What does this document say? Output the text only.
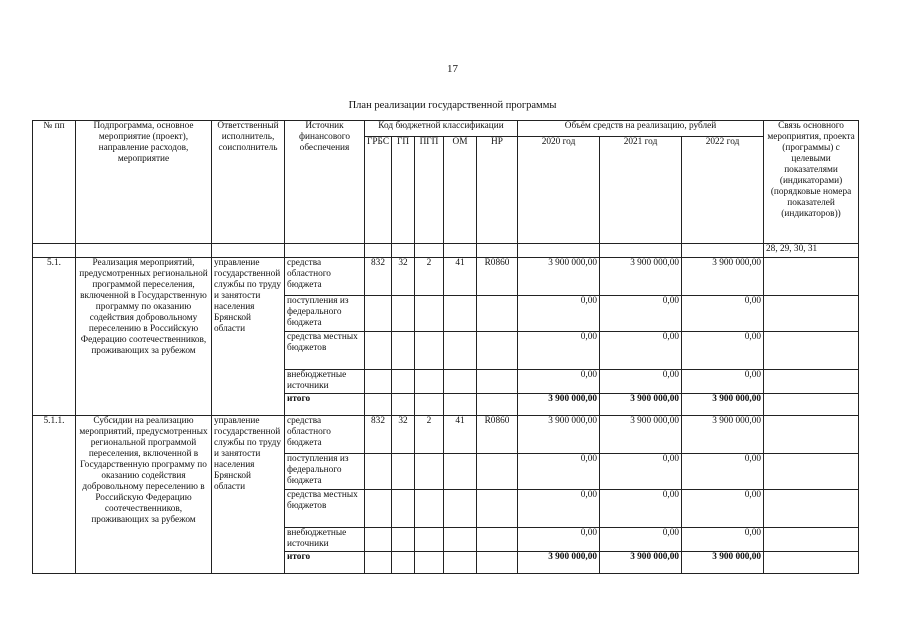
17
План реализации государственной программы
№ пп	Подпрограмма, основное мероприятие (проект), направление расходов, мероприятие	Ответственный исполнитель, соисполнитель	Источник финансового обеспечения	Код бюджетной классификации					Объём средств на реализацию, рублей			Связь основного мероприятия, проекта (программы) с целевыми показателями (индикаторами) (порядковые номера показателей (индикаторов))
				ГРБС	ГП	ПГП	ОМ	НР	2020 год	2021 год	2022 год	
												28, 29, 30, 31
5.1.	Реализация мероприятий, предусмотренных региональной программой переселения, включенной в Государственную программу по оказанию содействия добровольному переселению в Российскую Федерацию соотечественников, проживающих за рубежом	управление государственной службы по труду и занятости населения Брянской области	средства областного бюджета	832	32	2	41	R0860	3 900 000,00	3 900 000,00	3 900 000,00	
			поступления из федерального бюджета						0,00	0,00	0,00	
			средства местных бюджетов						0,00	0,00	0,00	
			внебюджетные источники						0,00	0,00	0,00	
			итого						3 900 000,00	3 900 000,00	3 900 000,00	
5.1.1.	Субсидии на реализацию мероприятий, предусмотренных региональной программой переселения, включенной в Государственную программу по оказанию содействия добровольному переселению в Российскую Федерацию соотечественников, проживающих за рубежом	управление государственной службы по труду и занятости населения Брянской области	средства областного бюджета	832	32	2	41	R0860	3 900 000,00	3 900 000,00	3 900 000,00	
			поступления из федерального бюджета						0,00	0,00	0,00	
			средства местных бюджетов						0,00	0,00	0,00	
			внебюджетные источники						0,00	0,00	0,00	
			итого						3 900 000,00	3 900 000,00	3 900 000,00	
